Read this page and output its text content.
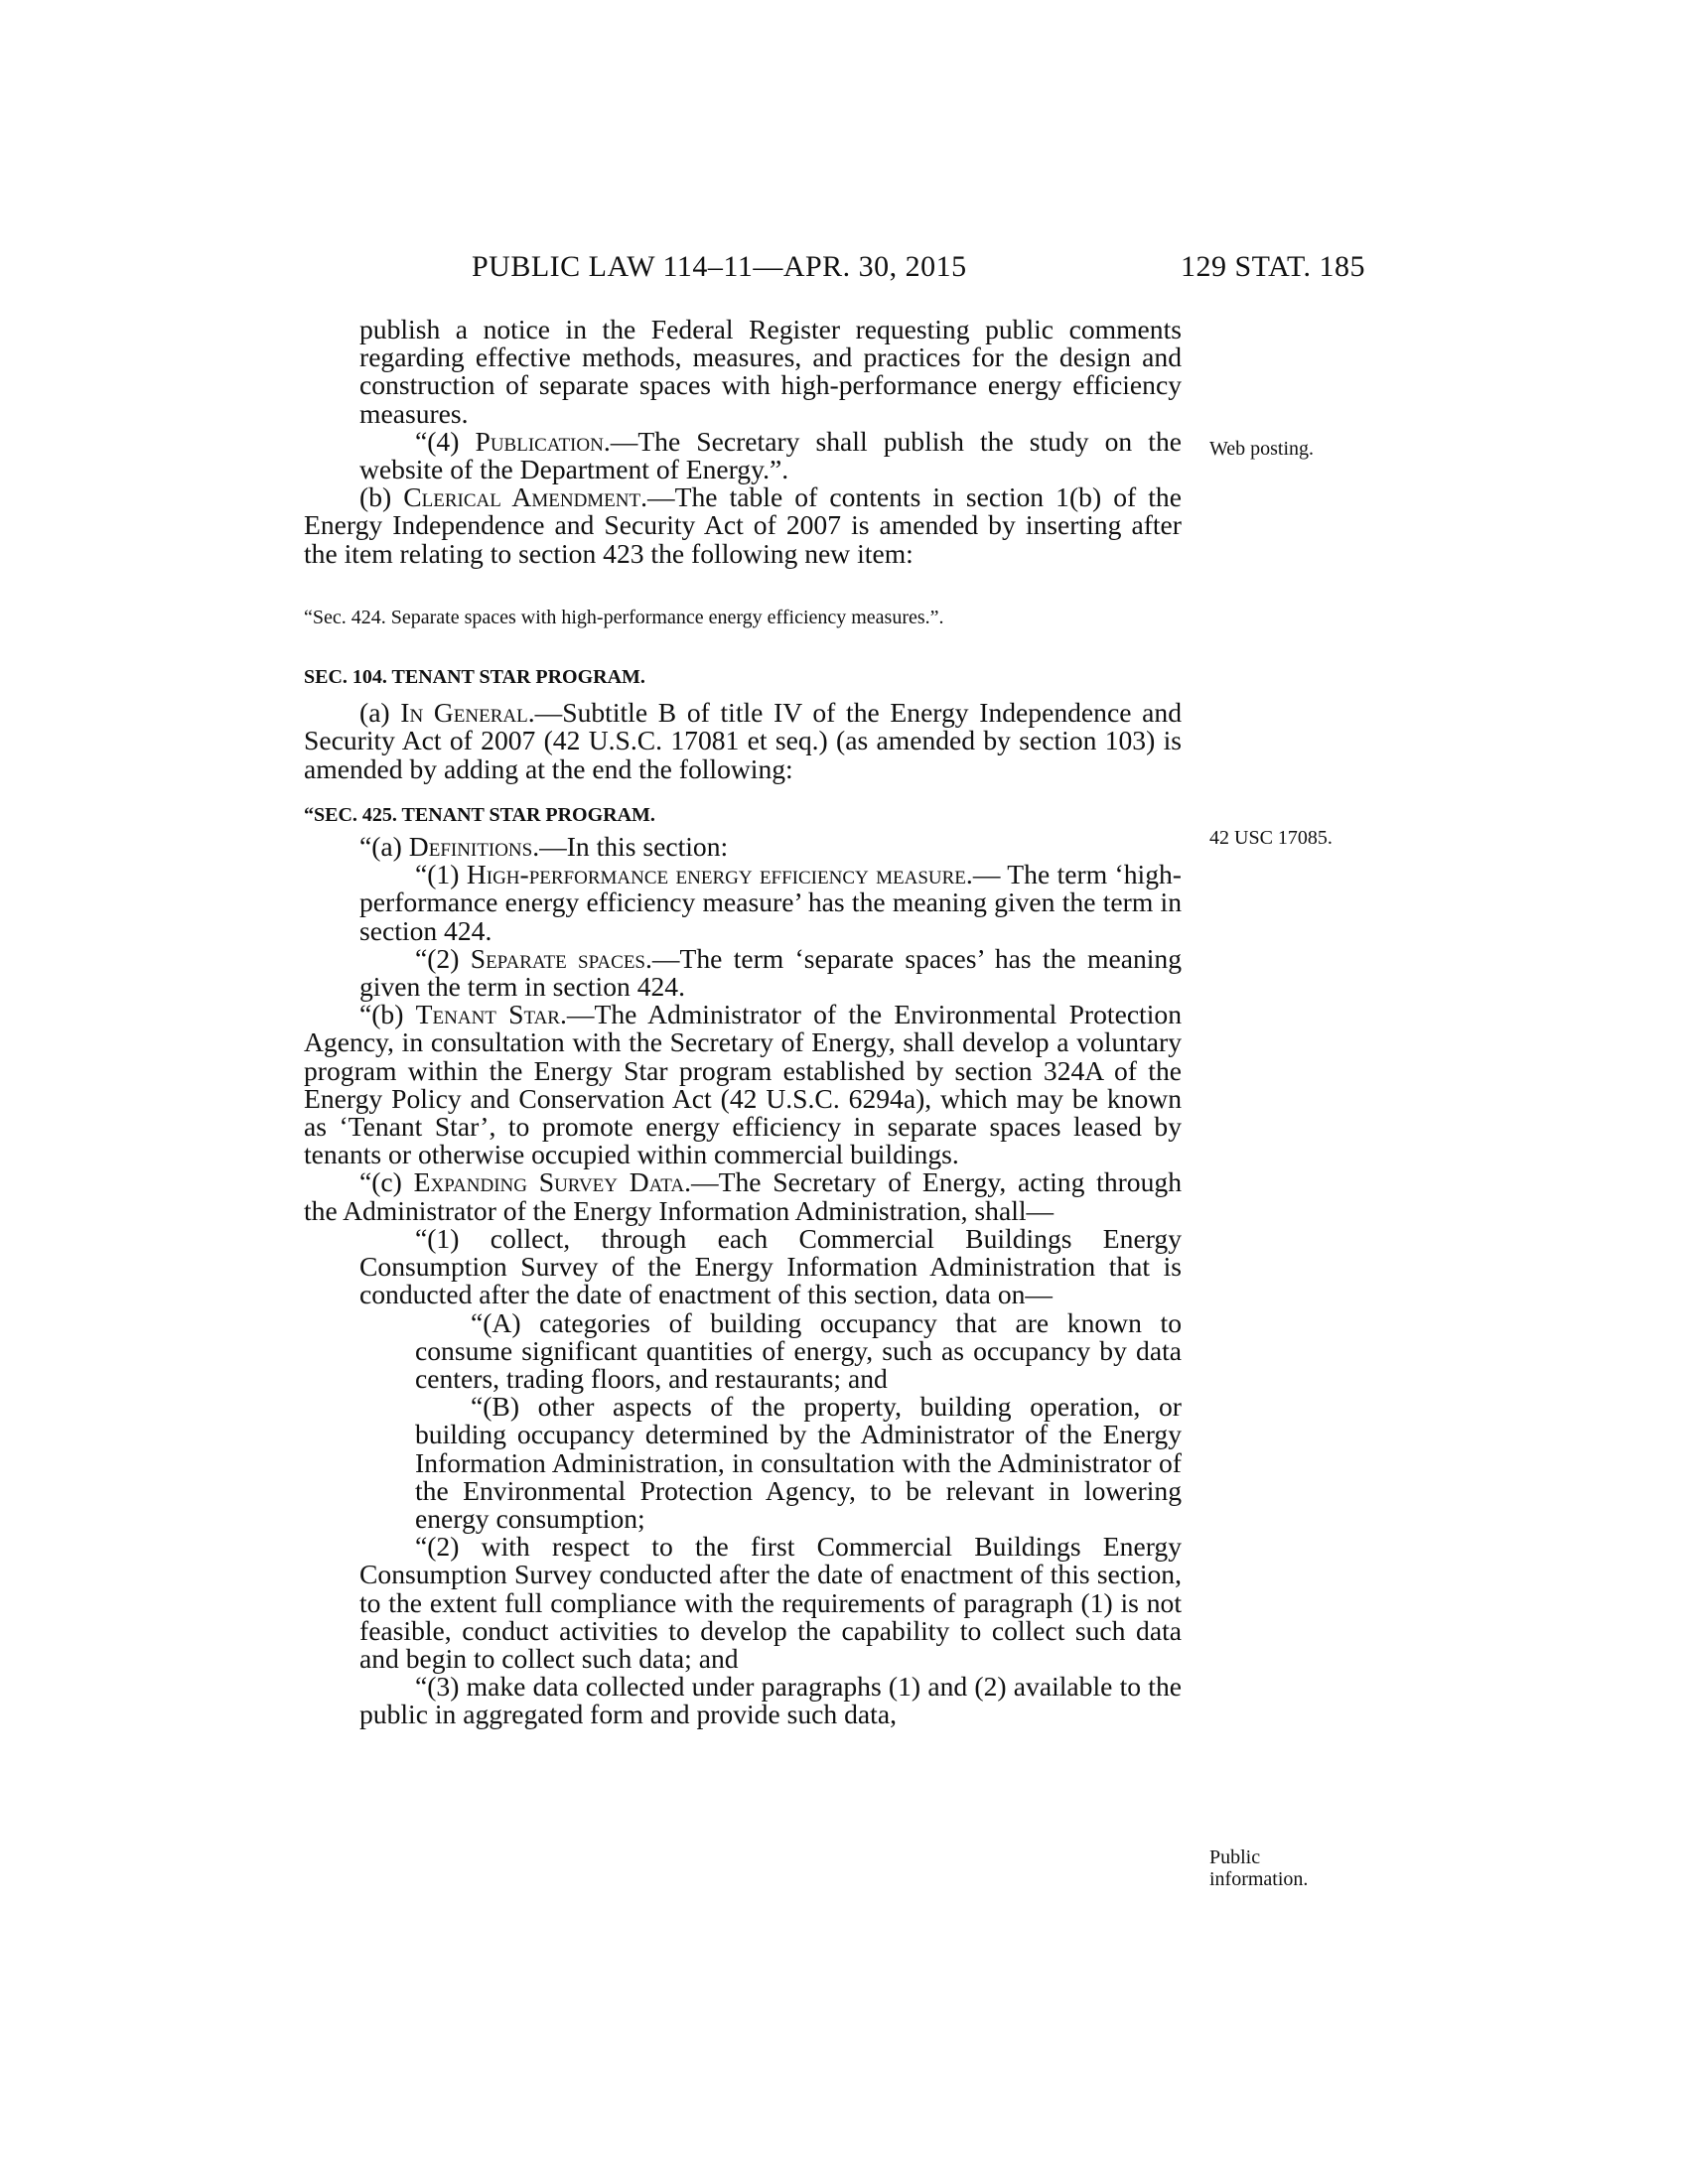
PUBLIC LAW 114–11—APR. 30, 2015	129 STAT. 185
Web posting.
42 USC 17085.
Public
information.

publish a notice in the Federal Register requesting public comments regarding effective methods, measures, and practices for the design and construction of separate spaces with high-performance energy efficiency measures.

“(4) Publication.—The Secretary shall publish the study on the website of the Department of Energy.”.

(b) Clerical Amendment.—The table of contents in section 1(b) of the Energy Independence and Security Act of 2007 is amended by inserting after the item relating to section 423 the following new item:

“Sec. 424. Separate spaces with high-performance energy efficiency measures.”.

SEC. 104. TENANT STAR PROGRAM.

(a) In General.—Subtitle B of title IV of the Energy Independence and Security Act of 2007 (42 U.S.C. 17081 et seq.) (as amended by section 103) is amended by adding at the end the following:

“SEC. 425. TENANT STAR PROGRAM.

“(a) Definitions.—In this section:

“(1) High-performance energy efficiency measure.— The term ‘high-performance energy efficiency measure’ has the meaning given the term in section 424.

“(2) Separate spaces.—The term ‘separate spaces’ has the meaning given the term in section 424.

“(b) Tenant Star.—The Administrator of the Environmental Protection Agency, in consultation with the Secretary of Energy, shall develop a voluntary program within the Energy Star program established by section 324A of the Energy Policy and Conservation Act (42 U.S.C. 6294a), which may be known as ‘Tenant Star’, to promote energy efficiency in separate spaces leased by tenants or otherwise occupied within commercial buildings.

“(c) Expanding Survey Data.—The Secretary of Energy, acting through the Administrator of the Energy Information Administration, shall—

“(1) collect, through each Commercial Buildings Energy Consumption Survey of the Energy Information Administration that is conducted after the date of enactment of this section, data on—

“(A) categories of building occupancy that are known to consume significant quantities of energy, such as occupancy by data centers, trading floors, and restaurants; and

“(B) other aspects of the property, building operation, or building occupancy determined by the Administrator of the Energy Information Administration, in consultation with the Administrator of the Environmental Protection Agency, to be relevant in lowering energy consumption;

“(2) with respect to the first Commercial Buildings Energy Consumption Survey conducted after the date of enactment of this section, to the extent full compliance with the requirements of paragraph (1) is not feasible, conduct activities to develop the capability to collect such data and begin to collect such data; and

“(3) make data collected under paragraphs (1) and (2) available to the public in aggregated form and provide such data,
